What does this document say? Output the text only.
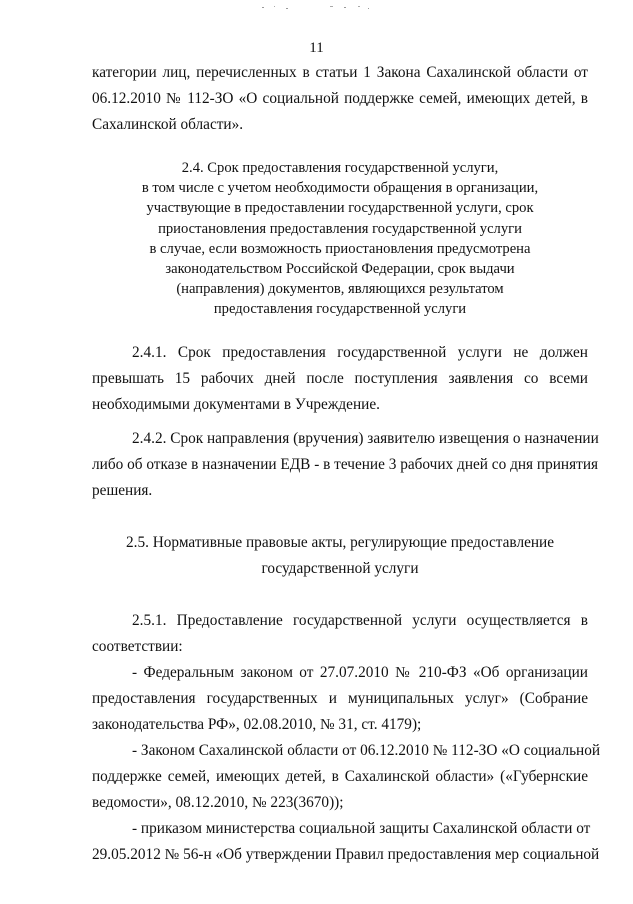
11
категории лиц, перечисленных в статьи 1 Закона Сахалинской области от
06.12.2010 № 112-ЗО «О социальной поддержке семей, имеющих детей, в
Сахалинской области».
2.4. Срок предоставления государственной услуги,
в том числе с учетом необходимости обращения в организации,
участвующие в предоставлении государственной услуги, срок
приостановления предоставления государственной услуги
в случае, если возможность приостановления предусмотрена
законодательством Российской Федерации, срок выдачи
(направления) документов, являющихся результатом
предоставления государственной услуги
2.4.1. Срок предоставления государственной услуги не должен
превышать 15 рабочих дней после поступления заявления со всеми
необходимыми документами в Учреждение.
2.4.2. Срок направления (вручения) заявителю извещения о назначении
либо об отказе в назначении ЕДВ - в течение 3 рабочих дней со дня принятия
решения.
2.5. Нормативные правовые акты, регулирующие предоставление
государственной услуги
2.5.1. Предоставление государственной услуги осуществляется в
соответствии:
- Федеральным законом от 27.07.2010 № 210-ФЗ «Об организации
предоставления государственных и муниципальных услуг» (Собрание
законодательства РФ», 02.08.2010, № 31, ст. 4179);
- Законом Сахалинской области от 06.12.2010 № 112-ЗО «О социальной
поддержке семей, имеющих детей, в Сахалинской области» («Губернские
ведомости», 08.12.2010, № 223(3670));
- приказом министерства социальной защиты Сахалинской области от
29.05.2012 № 56-н «Об утверждении Правил предоставления мер социальной
